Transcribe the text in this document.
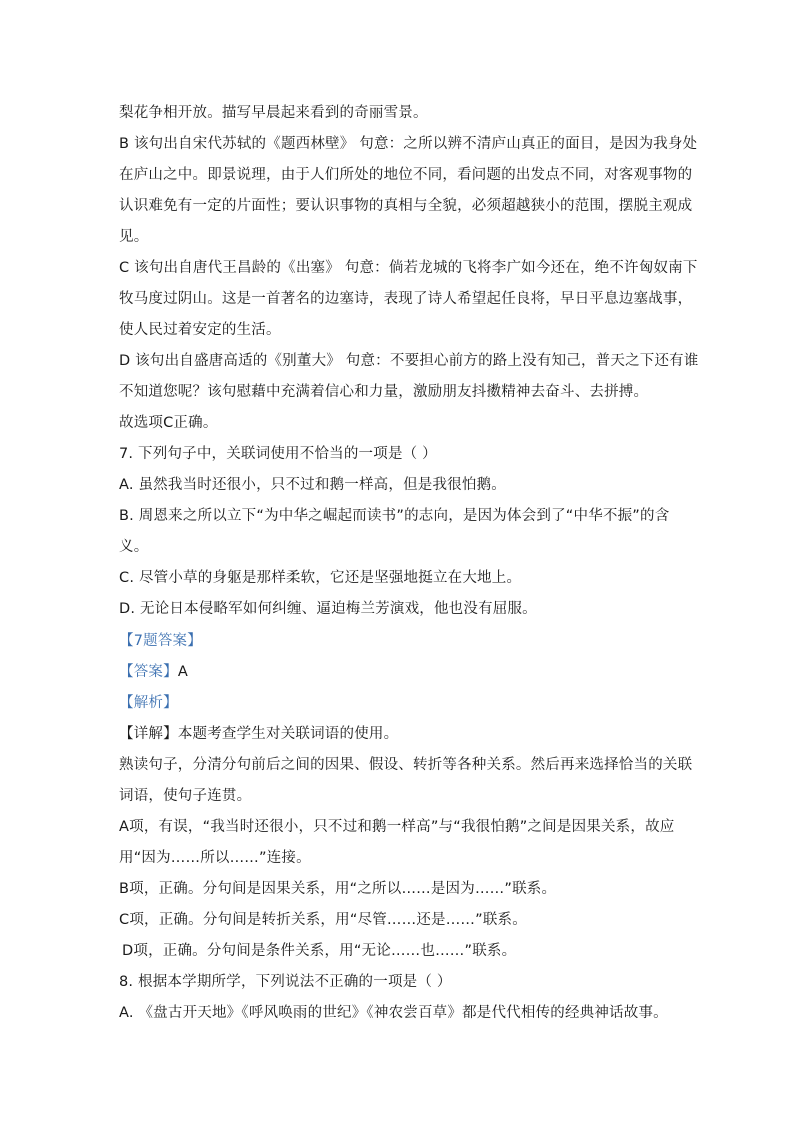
梨花争相开放。描写早晨起来看到的奇丽雪景。
B 该句出自宋代苏轼的《题西林壁》 句意：之所以辨不清庐山真正的面目，是因为我身处
在庐山之中。即景说理，由于人们所处的地位不同，看问题的出发点不同，对客观事物的
认识难免有一定的片面性；要认识事物的真相与全貌，必须超越狭小的范围，摆脱主观成
见。
C 该句出自唐代王昌龄的《出塞》 句意：倘若龙城的飞将李广如今还在，绝不许匈奴南下
牧马度过阴山。这是一首著名的边塞诗，表现了诗人希望起任良将，早日平息边塞战事，
使人民过着安定的生活。
D 该句出自盛唐高适的《别董大》 句意：不要担心前方的路上没有知己，普天之下还有谁
不知道您呢？该句慰藉中充满着信心和力量，激励朋友抖擞精神去奋斗、去拼搏。
故选项C正确。
7. 下列句子中，关联词使用不恰当的一项是（ ）
A. 虽然我当时还很小，只不过和鹅一样高，但是我很怕鹅。
B. 周恩来之所以立下“为中华之崛起而读书”的志向，是因为体会到了“中华不振”的含
义。
C. 尽管小草的身躯是那样柔软，它还是坚强地挺立在大地上。
D. 无论日本侵略军如何纠缠、逼迫梅兰芳演戏，他也没有屈服。
【7题答案】
【答案】A
【解析】
【详解】本题考查学生对关联词语的使用。
熟读句子，分清分句前后之间的因果、假设、转折等各种关系。然后再来选择恰当的关联
词语，使句子连贯。
A项，有误，“我当时还很小，只不过和鹅一样高”与“我很怕鹅”之间是因果关系，故应
用“因为……所以……”连接。
B项，正确。分句间是因果关系，用“之所以……是因为……”联系。
C项，正确。分句间是转折关系，用“尽管……还是……”联系。
D项，正确。分句间是条件关系，用“无论……也……”联系。
8. 根据本学期所学，下列说法不正确的一项是（ ）
A. 《盘古开天地》《呼风唤雨的世纪》《神农尝百草》都是代代相传的经典神话故事。
